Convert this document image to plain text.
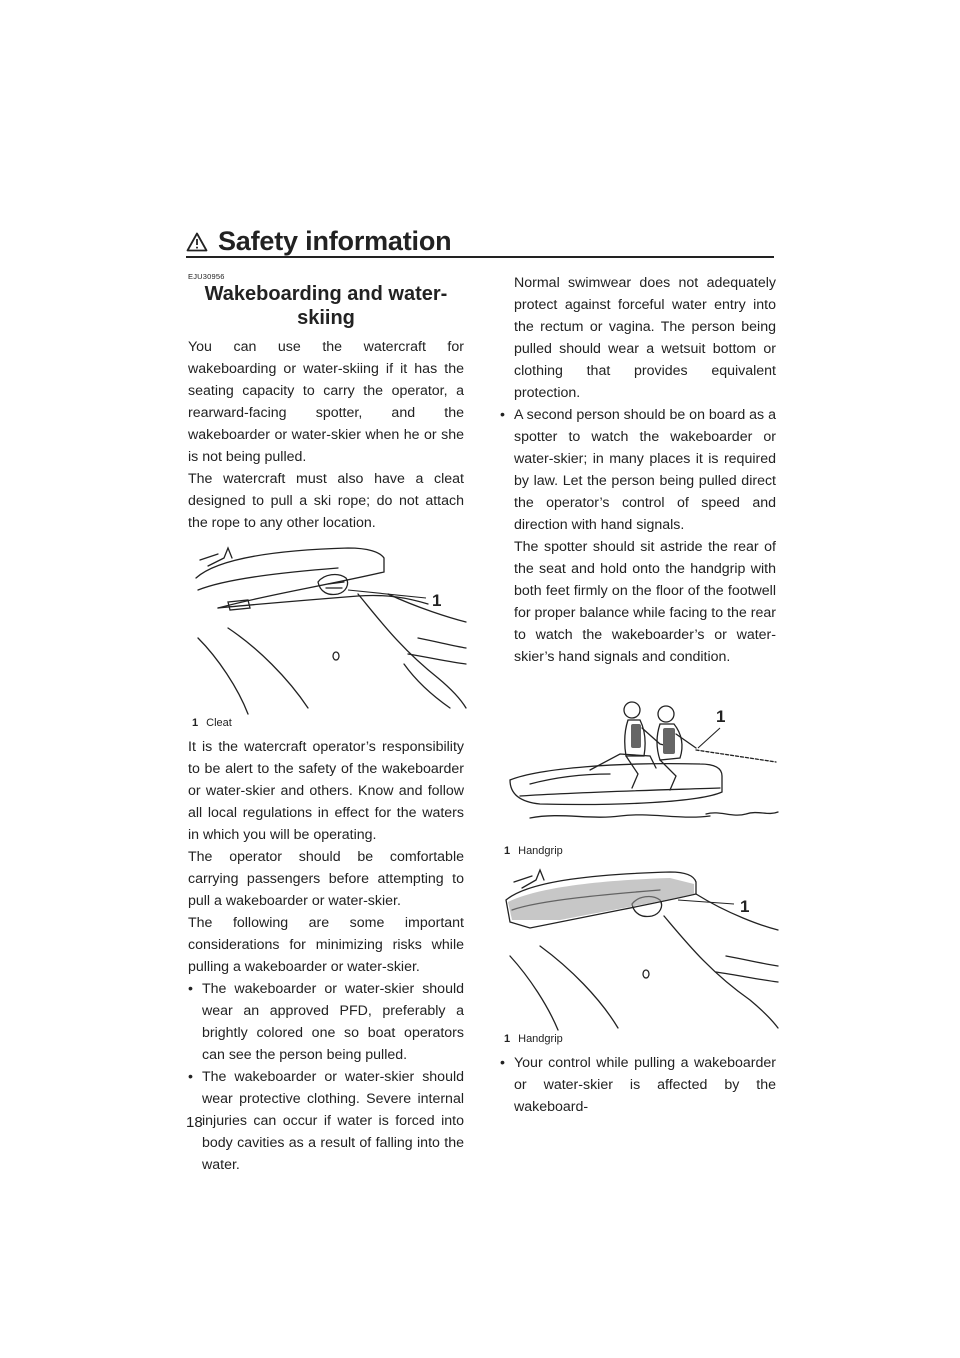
Safety information
18
EJU30956
Wakeboarding and water-
skiing

You can use the watercraft for wakeboarding or water-skiing if it has the seating capacity to carry the operator, a rearward-facing spotter, and the wakeboarder or water-skier when he or she is not being pulled.

The watercraft must also have a cleat designed to pull a ski rope; do not attach the rope to any other location.

1
1 Cleat

It is the watercraft operator’s responsibility to be alert to the safety of the wakeboarder or water-skier and others. Know and follow all local regulations in effect for the waters in which you will be operating.

The operator should be comfortable carrying passengers before attempting to pull a wakeboarder or water-skier.

The following are some important considerations for minimizing risks while pulling a wakeboarder or water-skier.

• The wakeboarder or water-skier should wear an approved PFD, preferably a brightly colored one so boat operators can see the person being pulled.
• The wakeboarder or water-skier should wear protective clothing. Severe internal injuries can occur if water is forced into body cavities as a result of falling into the water.
Normal swimwear does not adequately protect against forceful water entry into the rectum or vagina. The person being pulled should wear a wetsuit bottom or clothing that provides equivalent protection.
• A second person should be on board as a spotter to watch the wakeboarder or water-skier; in many places it is required by law. Let the person being pulled direct the operator’s control of speed and direction with hand signals.
The spotter should sit astride the rear of the seat and hold onto the handgrip with both feet firmly on the floor of the footwell for proper balance while facing to the rear to watch the wakeboarder’s or water-skier’s hand signals and condition.
1
1 Handgrip
1
1 Handgrip
• Your control while pulling a wakeboarder or water-skier is affected by the wakeboard-
